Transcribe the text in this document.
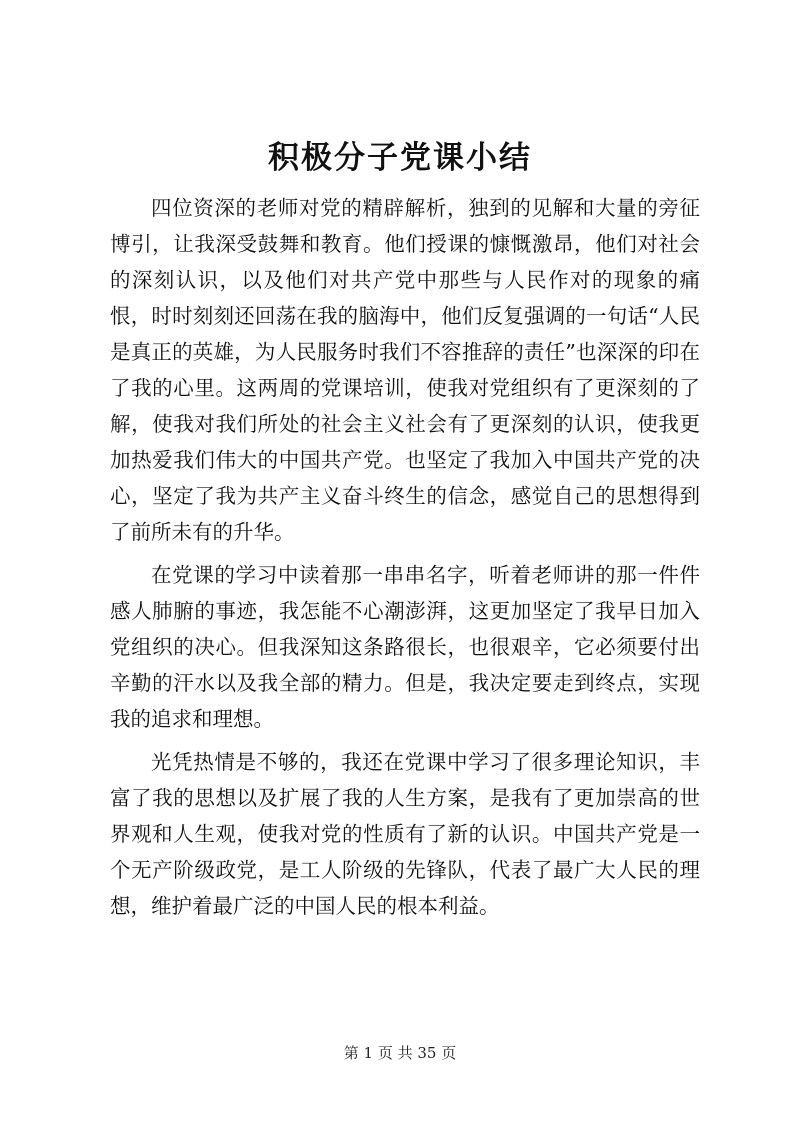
积极分子党课小结

四位资深的老师对党的精辟解析，独到的见解和大量的旁征博引，让我深受鼓舞和教育。他们授课的慷慨激昂，他们对社会的深刻认识，以及他们对共产党中那些与人民作对的现象的痛恨，时时刻刻还回荡在我的脑海中，他们反复强调的一句话“人民是真正的英雄，为人民服务时我们不容推辞的责任”也深深的印在了我的心里。这两周的党课培训，使我对党组织有了更深刻的了解，使我对我们所处的社会主义社会有了更深刻的认识，使我更加热爱我们伟大的中国共产党。也坚定了我加入中国共产党的决心，坚定了我为共产主义奋斗终生的信念，感觉自己的思想得到了前所未有的升华。

在党课的学习中读着那一串串名字，听着老师讲的那一件件感人肺腑的事迹，我怎能不心潮澎湃，这更加坚定了我早日加入党组织的决心。但我深知这条路很长，也很艰辛，它必须要付出辛勤的汗水以及我全部的精力。但是，我决定要走到终点，实现我的追求和理想。

光凭热情是不够的，我还在党课中学习了很多理论知识，丰富了我的思想以及扩展了我的人生方案，是我有了更加崇高的世界观和人生观，使我对党的性质有了新的认识。中国共产党是一个无产阶级政党，是工人阶级的先锋队，代表了最广大人民的理想，维护着最广泛的中国人民的根本利益。

第 1 页 共 35 页
